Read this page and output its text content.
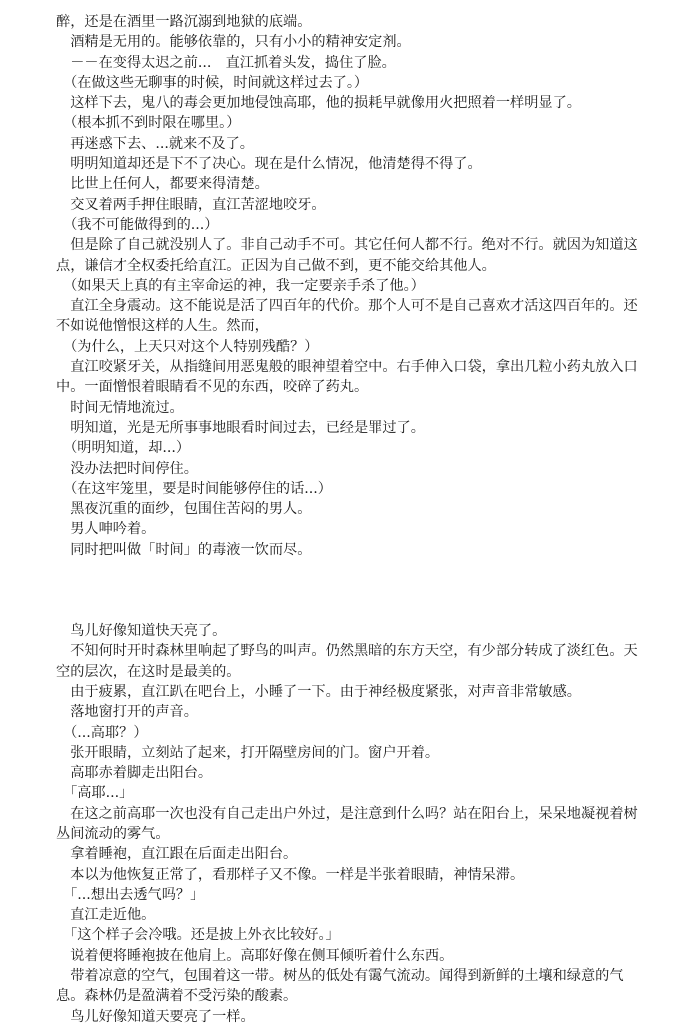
醉，还是在酒里一路沉溺到地狱的底端。

　酒精是无用的。能够依靠的，只有小小的精神安定剂。

　－－在变得太迟之前...　直江抓着头发，捣住了脸。

　（在做这些无聊事的时候，时间就这样过去了。）

　这样下去，鬼八的毒会更加地侵蚀高耶，他的损耗早就像用火把照着一样明显了。

　（根本抓不到时限在哪里。）

　再迷惑下去、...就来不及了。

　明明知道却还是下不了决心。现在是什么情况，他清楚得不得了。

　比世上任何人，都要来得清楚。

　交叉着两手押住眼睛，直江苦涩地咬牙。

　（我不可能做得到的...）

　但是除了自己就没别人了。非自己动手不可。其它任何人都不行。绝对不行。就因为知道这点，谦信才全权委托给直江。正因为自己做不到，更不能交给其他人。

　（如果天上真的有主宰命运的神，我一定要亲手杀了他。）

　直江全身震动。这不能说是活了四百年的代价。那个人可不是自己喜欢才活这四百年的。还不如说他憎恨这样的人生。然而，

　（为什么，上天只对这个人特别残酷？）

　直江咬紧牙关，从指缝间用恶鬼般的眼神望着空中。右手伸入口袋，拿出几粒小药丸放入口中。一面憎恨着眼睛看不见的东西，咬碎了药丸。

　时间无情地流过。

　明知道，光是无所事事地眼看时间过去，已经是罪过了。

　（明明知道，却...）

　没办法把时间停住。

　（在这牢笼里，要是时间能够停住的话...）

　黑夜沉重的面纱，包围住苦闷的男人。

　男人呻吟着。

　同时把叫做「时间」的毒液一饮而尽。

　鸟儿好像知道快天亮了。

　不知何时开时森林里响起了野鸟的叫声。仍然黑暗的东方天空，有少部分转成了淡红色。天空的层次，在这时是最美的。

　由于疲累，直江趴在吧台上，小睡了一下。由于神经极度紧张，对声音非常敏感。

　落地窗打开的声音。

　（...高耶？）

　张开眼睛，立刻站了起来，打开隔壁房间的门。窗户开着。

　高耶赤着脚走出阳台。

　「高耶...」

　在这之前高耶一次也没有自己走出户外过，是注意到什么吗？站在阳台上，呆呆地凝视着树丛间流动的雾气。

　拿着睡袍，直江跟在后面走出阳台。

　本以为他恢复正常了，看那样子又不像。一样是半张着眼睛，神情呆滞。

　「...想出去透气吗？」

　直江走近他。

　「这个样子会冷哦。还是披上外衣比较好。」

　说着便将睡袍披在他肩上。高耶好像在侧耳倾听着什么东西。

　带着凉意的空气，包围着这一带。树丛的低处有霭气流动。闻得到新鲜的土壤和绿意的气息。森林仍是盈满着不受污染的酸素。

　鸟儿好像知道天要亮了一样。
